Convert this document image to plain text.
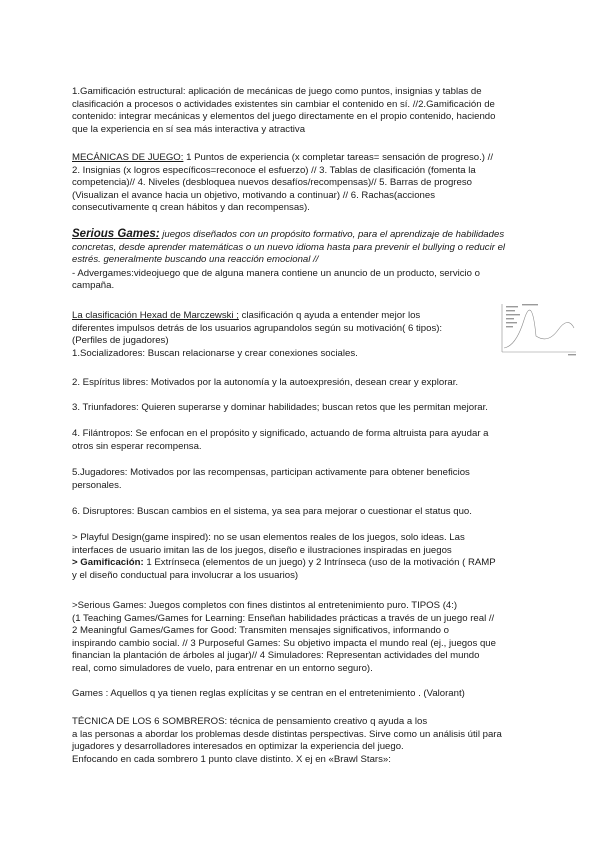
1.Gamificación estructural: aplicación de mecánicas de juego como puntos, insignias y tablas de
clasificación a procesos o actividades existentes sin cambiar el contenido en sí. //2.Gamificación de
contenido: integrar mecánicas y elementos del juego directamente en el propio contenido, haciendo
que la experiencia en sí sea más interactiva y atractiva
MECÁNICAS DE JUEGO: 1 Puntos de experiencia (x completar tareas= sensación de progreso.) //
2. Insignias (x logros específicos=reconoce el esfuerzo) // 3. Tablas de clasificación (fomenta la
competencia)// 4. Niveles (desbloquea nuevos desafíos/recompensas)// 5. Barras de progreso
(Visualizan el avance hacia un objetivo, motivando a continuar) // 6. Rachas(acciones
consecutivamente q crean hábitos y dan recompensas).
Serious Games: juegos diseñados con un propósito formativo, para el aprendizaje de habilidades
concretas, desde aprender matemáticas o un nuevo idioma hasta para prevenir el bullying o reducir el
estrés. generalmente buscando una reacción emocional //
- Advergames:videojuego que de alguna manera contiene un anuncio de un producto, servicio o
campaña.
La clasificación Hexad de Marczewski ; clasificación q ayuda a entender mejor los
diferentes impulsos detrás de los usuarios agrupandolos según su motivación( 6 tipos):
(Perfiles de jugadores)
1.Socializadores: Buscan relacionarse y crear conexiones sociales.
2. Espíritus libres: Motivados por la autonomía y la autoexpresión, desean crear y explorar.
3. Triunfadores: Quieren superarse y dominar habilidades; buscan retos que les permitan mejorar.
4. Filántropos: Se enfocan en el propósito y significado, actuando de forma altruista para ayudar a
otros sin esperar recompensa.
5.Jugadores: Motivados por las recompensas, participan activamente para obtener beneficios
personales.
6. Disruptores: Buscan cambios en el sistema, ya sea para mejorar o cuestionar el status quo.
> Playful Design(game inspired): no se usan elementos reales de los juegos, solo ideas. Las
interfaces de usuario imitan las de los juegos, diseño e ilustraciones inspiradas en juegos
> Gamificación: 1 Extrínseca (elementos de un juego) y 2 Intrínseca (uso de la motivación ( RAMP
y el diseño conductual para involucrar a los usuarios)
>Serious Games: Juegos completos con fines distintos al entretenimiento puro. TIPOS (4:)
(1 Teaching Games/Games for Learning: Enseñan habilidades prácticas a través de un juego real //
2 Meaningful Games/Games for Good: Transmiten mensajes significativos, informando o
inspirando cambio social. // 3 Purposeful Games: Su objetivo impacta el mundo real (ej., juegos que
financian la plantación de árboles al jugar)// 4 Simuladores: Representan actividades del mundo
real, como simuladores de vuelo, para entrenar en un entorno seguro).
Games : Aquellos q ya tienen reglas explícitas y se centran en el entretenimiento . (Valorant)
TÉCNICA DE LOS 6 SOMBREROS: técnica de pensamiento creativo q ayuda a los
a las personas a abordar los problemas desde distintas perspectivas. Sirve como un análisis útil para
jugadores y desarrolladores interesados en optimizar la experiencia del juego.
Enfocando en cada sombrero 1 punto clave distinto. X ej en «Brawl Stars»:
